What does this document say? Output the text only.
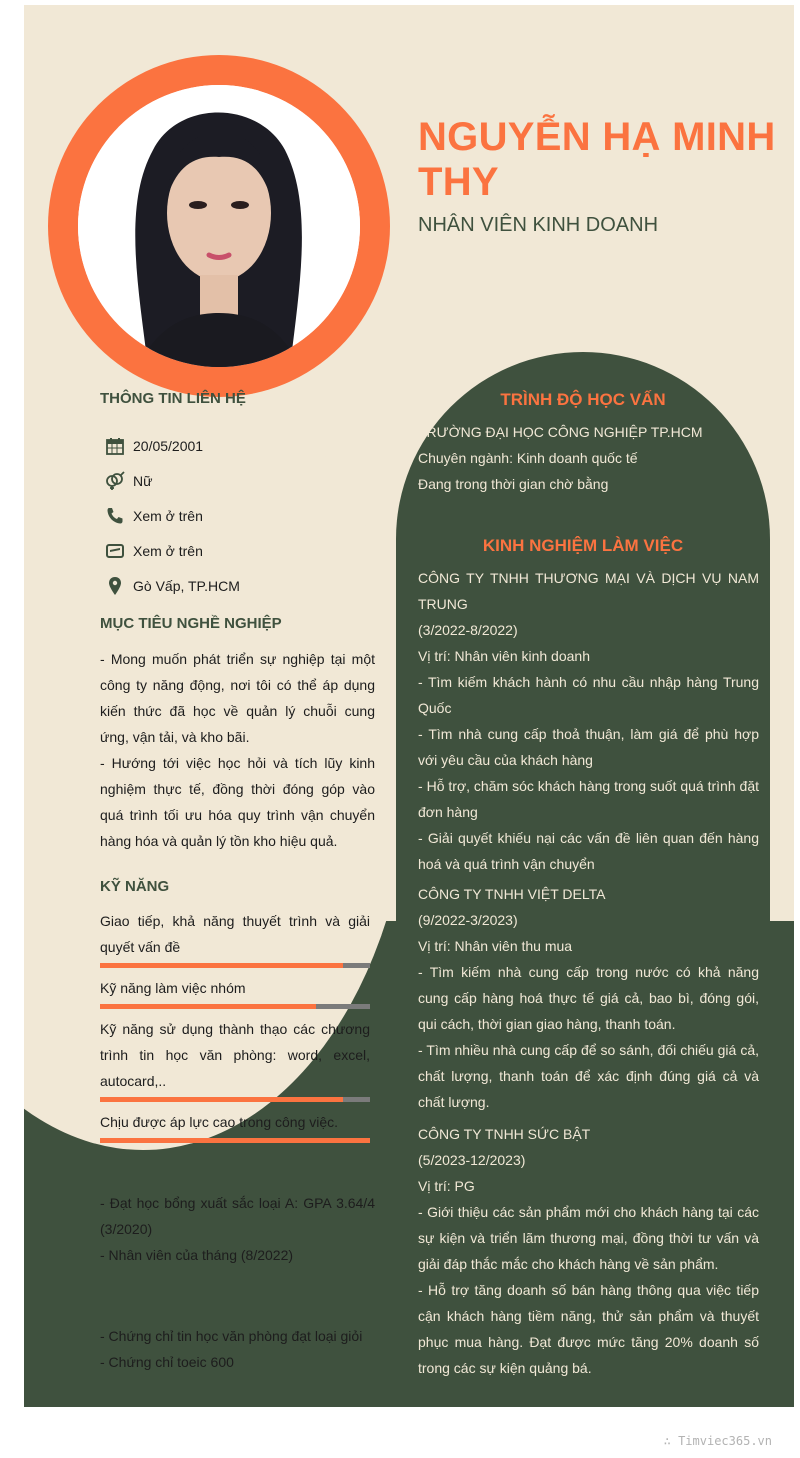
NGUYỄN HẠ MINH THY

NHÂN VIÊN KINH DOANH

THÔNG TIN LIÊN HỆ
20/05/2001
Nữ
Xem ở trên
Xem ở trên
Gò Vấp, TP.HCM
MỤC TIÊU NGHỀ NGHIỆP

- Mong muốn phát triển sự nghiệp tại một công ty năng động, nơi tôi có thể áp dụng kiến thức đã học về quản lý chuỗi cung ứng, vận tải, và kho bãi.

- Hướng tới việc học hỏi và tích lũy kinh nghiệm thực tế, đồng thời đóng góp vào quá trình tối ưu hóa quy trình vận chuyển hàng hóa và quản lý tồn kho hiệu quả.

KỸ NĂNG
Giao tiếp, khả năng thuyết trình và giải quyết vấn đề
Kỹ năng làm việc nhóm
Kỹ năng sử dụng thành thạo các chương trình tin học văn phòng: word, excel, autocard,..
Chịu được áp lực cao trong công việc.

- Đạt học bổng xuất sắc loại A: GPA 3.64/4 (3/2020)

- Nhân viên của tháng (8/2022)

- Chứng chỉ tin học văn phòng đạt loại giỏi

- Chứng chỉ toeic 600

TRÌNH ĐỘ HỌC VẤN

TRƯỜNG ĐẠI HỌC CÔNG NGHIỆP TP.HCM

Chuyên ngành: Kinh doanh quốc tế

Đang trong thời gian chờ bằng

KINH NGHIỆM LÀM VIỆC
CÔNG TY TNHH THƯƠNG MẠI VÀ DỊCH VỤ NAM TRUNG
(3/2022-8/2022)
Vị trí: Nhân viên kinh doanh
- Tìm kiếm khách hành có nhu cầu nhập hàng Trung Quốc
- Tìm nhà cung cấp thoả thuận, làm giá để phù hợp với yêu cầu của khách hàng
- Hỗ trợ, chăm sóc khách hàng trong suốt quá trình đặt đơn hàng
- Giải quyết khiếu nại các vấn đề liên quan đến hàng hoá và quá trình vận chuyển
CÔNG TY TNHH VIỆT DELTA
(9/2022-3/2023)
Vị trí: Nhân viên thu mua
- Tìm kiếm nhà cung cấp trong nước có khả năng cung cấp hàng hoá thực tế giá cả, bao bì, đóng gói, qui cách, thời gian giao hàng, thanh toán.
- Tìm nhiều nhà cung cấp để so sánh, đối chiếu giá cả, chất lượng, thanh toán để xác định đúng giá cả và chất lượng.
CÔNG TY TNHH SỨC BẬT
(5/2023-12/2023)
Vị trí: PG
- Giới thiệu các sản phẩm mới cho khách hàng tại các sự kiện và triển lãm thương mại, đồng thời tư vấn và giải đáp thắc mắc cho khách hàng về sản phẩm.
- Hỗ trợ tăng doanh số bán hàng thông qua việc tiếp cận khách hàng tiềm năng, thử sản phẩm và thuyết phục mua hàng. Đạt được mức tăng 20% doanh số trong các sự kiện quảng bá.
∴ Timviec365.vn
